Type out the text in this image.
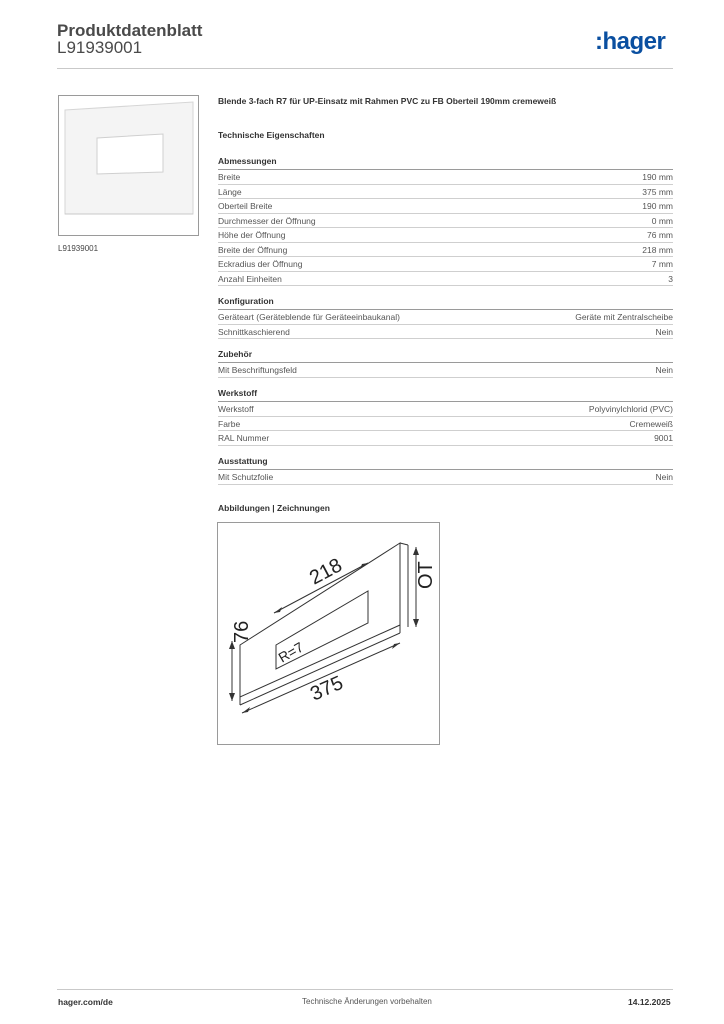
Produktdatenblatt
L91939001	:hager
L91939001
Blende 3-fach R7 für UP-Einsatz mit Rahmen PVC zu FB Oberteil 190mm cremeweiß
Technische Eigenschaften
Abmessungen
Breite	190 mm
Länge	375 mm
Oberteil Breite	190 mm
Durchmesser der Öffnung	0 mm
Höhe der Öffnung	76 mm
Breite der Öffnung	218 mm
Eckradius der Öffnung	7 mm
Anzahl Einheiten	3
Konfiguration
Geräteart (Geräteblende für Geräteeinbaukanal)	Geräte mit Zentralscheibe
Schnittkaschierend	Nein
Zubehör
Mit Beschriftungsfeld	Nein
Werkstoff
Werkstoff	Polyvinylchlorid (PVC)
Farbe	Cremeweiß
RAL Nummer	9001
Ausstattung
Mit Schutzfolie	Nein
Abbildungen | Zeichnungen
218
76
R=7
375
OT
hager.com/de	Technische Änderungen vorbehalten	14.12.2025
